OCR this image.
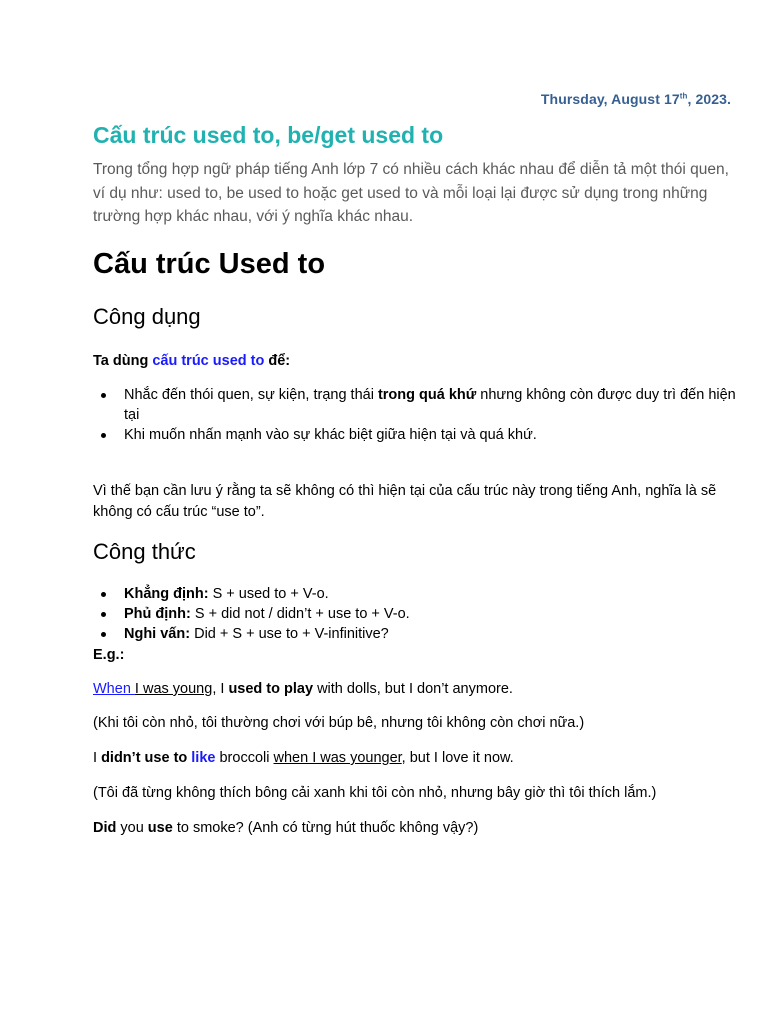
Thursday, August 17th, 2023.
Cấu trúc used to, be/get used to

Trong tổng hợp ngữ pháp tiếng Anh lớp 7 có nhiều cách khác nhau để diễn tả một thói quen, ví dụ như: used to, be used to hoặc get used to và mỗi loại lại được sử dụng trong những trường hợp khác nhau, với ý nghĩa khác nhau.

Cấu trúc Used to
Công dụng

Ta dùng cấu trúc used to để:

Nhắc đến thói quen, sự kiện, trạng thái trong quá khứ nhưng không còn được duy trì đến hiện tại
Khi muốn nhấn mạnh vào sự khác biệt giữa hiện tại và quá khứ.

Vì thế bạn cần lưu ý rằng ta sẽ không có thì hiện tại của cấu trúc này trong tiếng Anh, nghĩa là sẽ không có cấu trúc “use to”.

Công thức
Khẳng định: S + used to + V-o.
Phủ định: S + did not / didn’t + use to + V-o.
Nghi vấn: Did + S + use to + V-infinitive?

E.g.:

When I was young, I used to play with dolls, but I don’t anymore.

(Khi tôi còn nhỏ, tôi thường chơi với búp bê, nhưng tôi không còn chơi nữa.)

I didn’t use to like broccoli when I was younger, but I love it now.

(Tôi đã từng không thích bông cải xanh khi tôi còn nhỏ, nhưng bây giờ thì tôi thích lắm.)

Did you use to smoke? (Anh có từng hút thuốc không vậy?)
